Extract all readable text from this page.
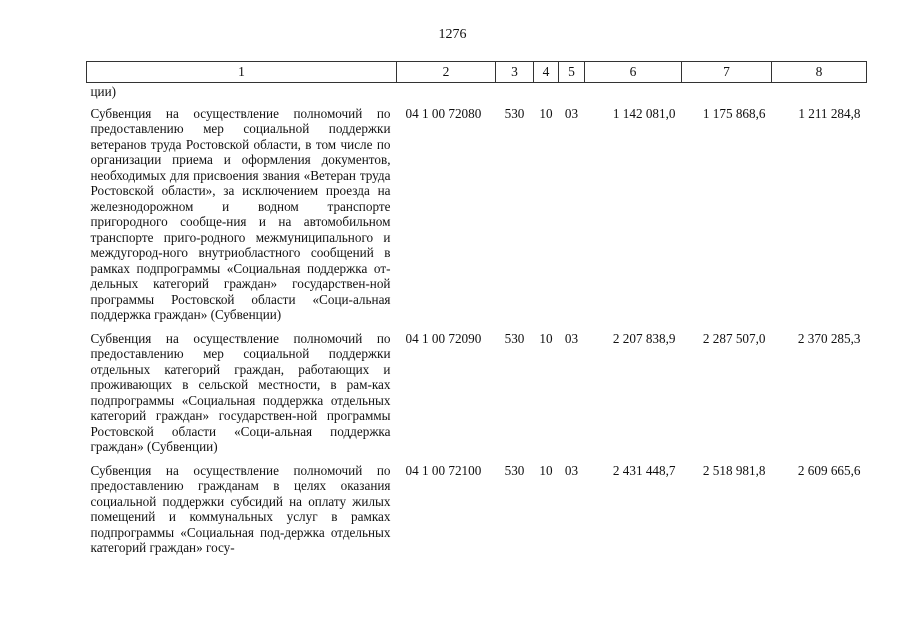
1276
1	2	3	4	5	6	7	8
ции)							
Субвенция на осуществление полномочий по предоставлению мер социальной поддержки ветеранов труда Ростовской области, в том числе по организации приема и оформления документов, необходимых для присвоения звания «Ветеран труда Ростовской области», за исключением проезда на железнодорожном и водном транспорте пригородного сообще-ния и на автомобильном транспорте приго-родного межмуниципального и междугород-ного внутриобластного сообщений в рамках подпрограммы «Социальная поддержка от-дельных категорий граждан» государствен-ной программы Ростовской области «Соци-альная поддержка граждан» (Субвенции)	04 1 00 72080	530	10	03	1 142 081,0	1 175 868,6	1 211 284,8
Субвенция на осуществление полномочий по предоставлению мер социальной поддержки отдельных категорий граждан, работающих и проживающих в сельской местности, в рам-ках подпрограммы «Социальная поддержка отдельных категорий граждан» государствен-ной программы Ростовской области «Соци-альная поддержка граждан» (Субвенции)	04 1 00 72090	530	10	03	2 207 838,9	2 287 507,0	2 370 285,3
Субвенция на осуществление полномочий по предоставлению гражданам в целях оказания социальной поддержки субсидий на оплату жилых помещений и коммунальных услуг в рамках подпрограммы «Социальная под-держка отдельных категорий граждан» госу-	04 1 00 72100	530	10	03	2 431 448,7	2 518 981,8	2 609 665,6
